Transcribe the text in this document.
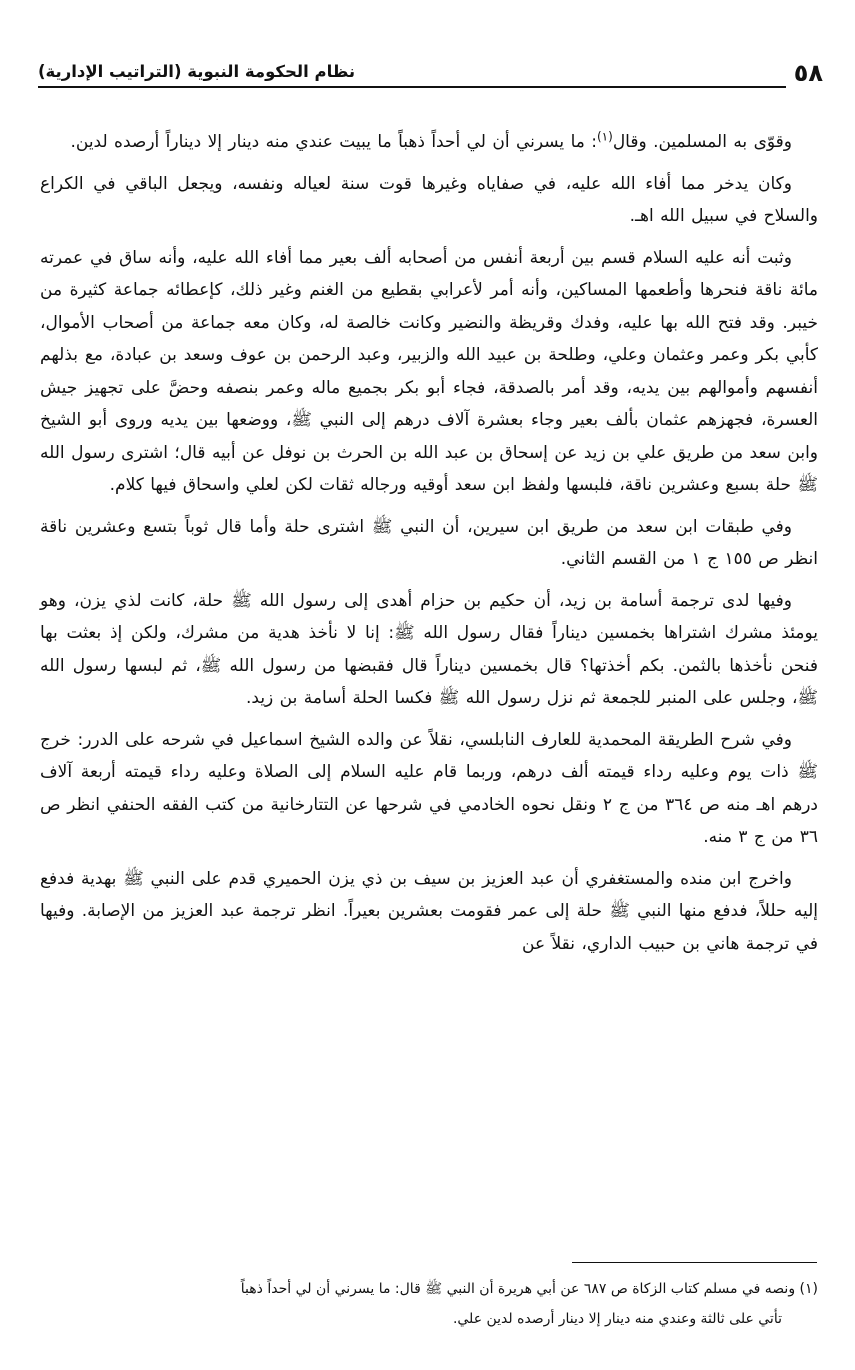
٥٨
نظام الحكومة النبوية (التراتيب الإدارية)

وقوّى به المسلمين. وقال$^{(١)}$: ما يسرني أن لي أحداً ذهباً ما يبيت عندي منه دينار إلا ديناراً أرصده لدين.

وكان يدخر مما أفاء الله عليه، في صفاياه وغيرها قوت سنة لعياله ونفسه، ويجعل الباقي في الكراع والسلاح في سبيل الله اهـ.

وثبت أنه عليه السلام قسم بين أربعة أنفس من أصحابه ألف بعير مما أفاء الله عليه، وأنه ساق في عمرته مائة ناقة فنحرها وأطعمها المساكين، وأنه أمر لأعرابي بقطيع من الغنم وغير ذلك، كإعطائه جماعة كثيرة من خيبر. وقد فتح الله بها عليه، وفدك وقريظة والنضير وكانت خالصة له، وكان معه جماعة من أصحاب الأموال، كأبي بكر وعمر وعثمان وعلي، وطلحة بن عبيد الله والزبير، وعبد الرحمن بن عوف وسعد بن عبادة، مع بذلهم أنفسهم وأموالهم بين يديه، وقد أمر بالصدقة، فجاء أبو بكر بجميع ماله وعمر بنصفه وحضَّ على تجهيز جيش العسرة، فجهزهم عثمان بألف بعير وجاء بعشرة آلاف درهم إلى النبي ﷺ، ووضعها بين يديه وروى أبو الشيخ وابن سعد من طريق علي بن زيد عن إسحاق بن عبد الله بن الحرث بن نوفل عن أبيه قال؛ اشترى رسول الله ﷺ حلة بسبع وعشرين ناقة، فلبسها ولفظ ابن سعد أوقيه ورجاله ثقات لكن لعلي واسحاق فيها كلام.

وفي طبقات ابن سعد من طريق ابن سيرين، أن النبي ﷺ اشترى حلة وأما قال ثوباً بتسع وعشرين ناقة انظر ص ١٥٥ ج ١ من القسم الثاني.

وفيها لدى ترجمة أسامة بن زيد، أن حكيم بن حزام أهدى إلى رسول الله ﷺ حلة، كانت لذي يزن، وهو يومئذ مشرك اشتراها بخمسين ديناراً فقال رسول الله ﷺ: إنا لا نأخذ هدية من مشرك، ولكن إذ بعثت بها فنحن نأخذها بالثمن. بكم أخذتها؟ قال بخمسين ديناراً قال فقبضها من رسول الله ﷺ، ثم لبسها رسول الله ﷺ، وجلس على المنبر للجمعة ثم نزل رسول الله ﷺ فكسا الحلة أسامة بن زيد.

وفي شرح الطريقة المحمدية للعارف النابلسي، نقلاً عن والده الشيخ اسماعيل في شرحه على الدرر: خرج ﷺ ذات يوم وعليه رداء قيمته ألف درهم، وربما قام عليه السلام إلى الصلاة وعليه رداء قيمته أربعة آلاف درهم اهـ منه ص ٣٦٤ من ج ٢ ونقل نحوه الخادمي في شرحها عن التتارخانية من كتب الفقه الحنفي انظر ص ٣٦ من ج ٣ منه.

واخرج ابن منده والمستغفري أن عبد العزيز بن سيف بن ذي يزن الحميري قدم على النبي ﷺ بهدية فدفع إليه حللاً، فدفع منها النبي ﷺ حلة إلى عمر فقومت بعشرين بعيراً. انظر ترجمة عبد العزيز من الإصابة. وفيها في ترجمة هاني بن حبيب الداري، نقلاً عن

(١) ونصه في مسلم كتاب الزكاة ص ٦٨٧ عن أبي هريرة أن النبي ﷺ قال: ما يسرني أن لي أحداً ذهباً

تأتي على ثالثة وعندي منه دينار إلا دينار أرصده لدين علي.
